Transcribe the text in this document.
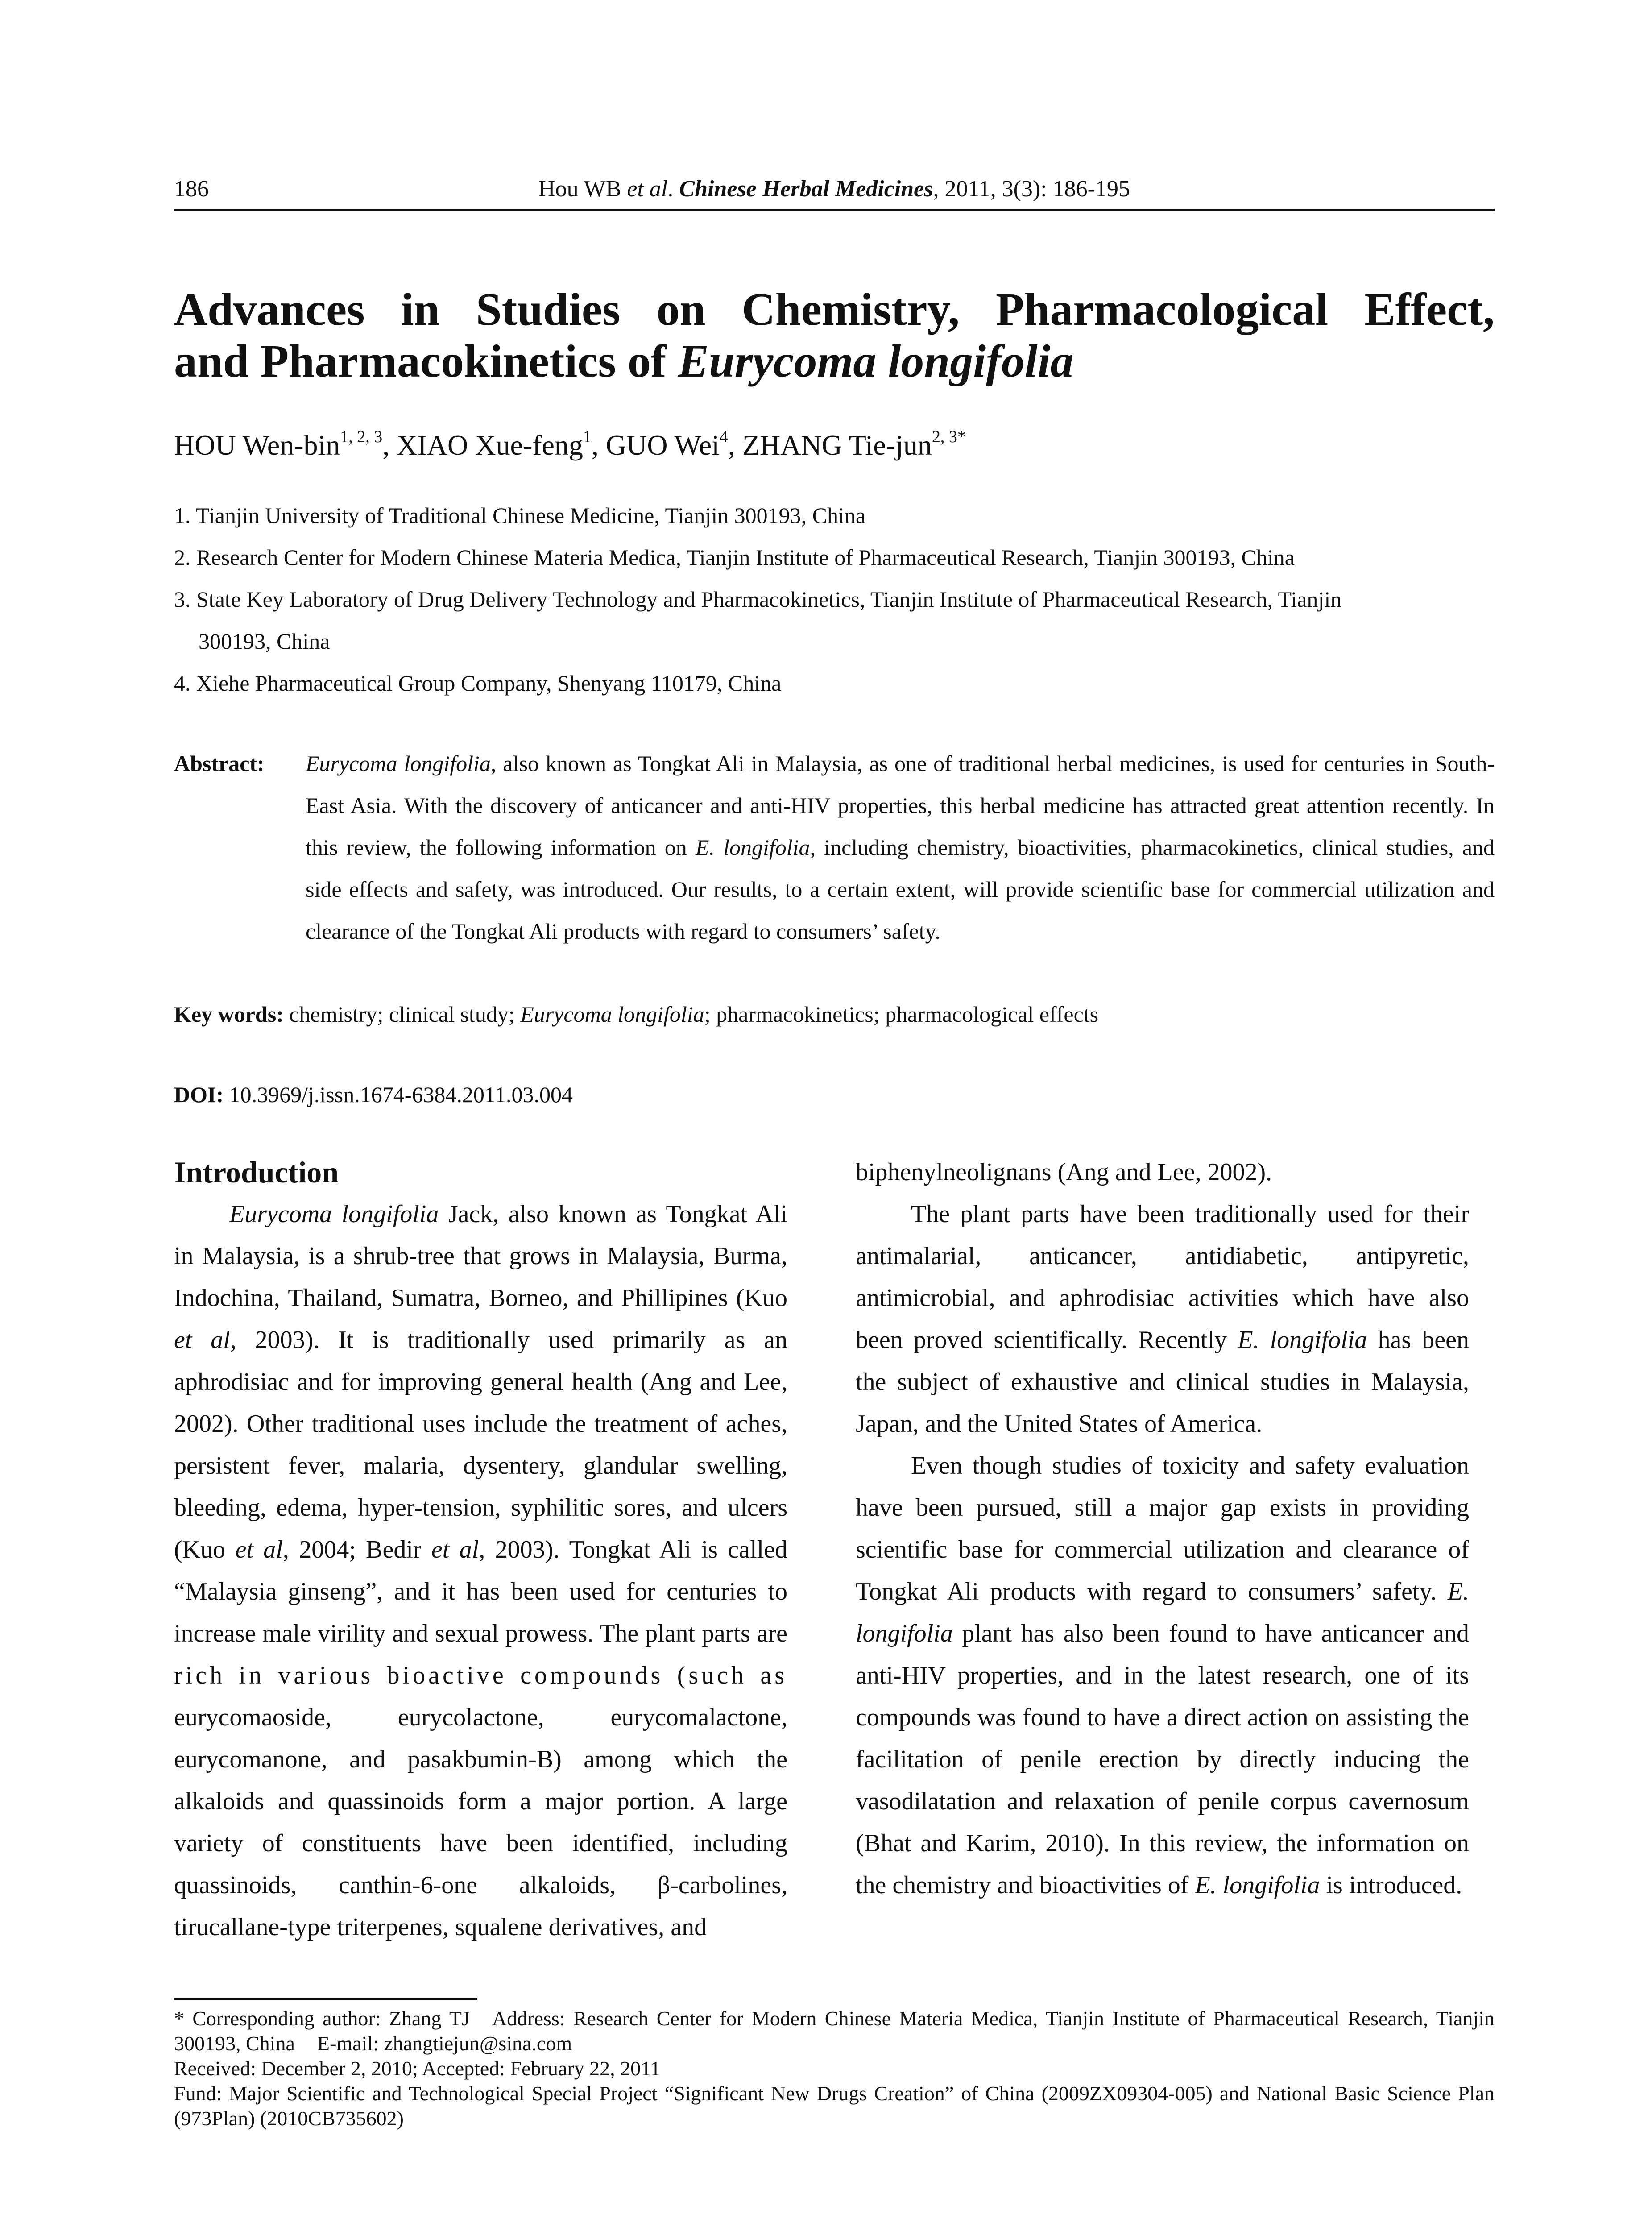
186	Hou WB et al. Chinese Herbal Medicines, 2011, 3(3): 186-195
Advances in Studies on Chemistry, Pharmacological Effect,
and Pharmacokinetics of Eurycoma longifolia
HOU Wen-bin$^{1, 2, 3}$, XIAO Xue-feng$^1$, GUO Wei$^4$, ZHANG Tie-jun$^{2, 3*}$
1. Tianjin University of Traditional Chinese Medicine, Tianjin 300193, China
2. Research Center for Modern Chinese Materia Medica, Tianjin Institute of Pharmaceutical Research, Tianjin 300193, China
3. State Key Laboratory of Drug Delivery Technology and Pharmacokinetics, Tianjin Institute of Pharmaceutical Research, Tianjin
300193, China
4. Xiehe Pharmaceutical Group Company, Shenyang 110179, China
Abstract: Eurycoma longifolia, also known as Tongkat Ali in Malaysia, as one of traditional herbal medicines, is used for centuries in South-East Asia. With the discovery of anticancer and anti-HIV properties, this herbal medicine has attracted great attention recently. In this review, the following information on E. longifolia, including chemistry, bioactivities, pharmacokinetics, clinical studies, and side effects and safety, was introduced. Our results, to a certain extent, will provide scientific base for commercial utilization and clearance of the Tongkat Ali products with regard to consumers’ safety.
Key words: chemistry; clinical study; Eurycoma longifolia; pharmacokinetics; pharmacological effects
DOI: 10.3969/j.issn.1674-6384.2011.03.004
Introduction

Eurycoma longifolia Jack, also known as Tongkat Ali in Malaysia, is a shrub-tree that grows in Malaysia, Burma, Indochina, Thailand, Sumatra, Borneo, and Phillipines (Kuo et al, 2003). It is traditionally used primarily as an aphrodisiac and for improving general health (Ang and Lee, 2002). Other traditional uses include the treatment of aches, persistent fever, malaria, dysentery, glandular swelling, bleeding, edema, hyper-tension, syphilitic sores, and ulcers (Kuo et al, 2004; Bedir et al, 2003). Tongkat Ali is called “Malaysia ginseng”, and it has been used for centuries to increase male virility and sexual prowess. The plant parts are rich in various bioactive compounds (such as eurycomaoside, eurycolactone, eurycomalactone, eurycomanone, and pasakbumin-B) among which the alkaloids and quassinoids form a major portion. A large variety of constituents have been identified, including quassinoids, canthin-6-one alkaloids, β-carbolines, tirucallane-type triterpenes, squalene derivatives, and

biphenylneolignans (Ang and Lee, 2002).

The plant parts have been traditionally used for their antimalarial, anticancer, antidiabetic, antipyretic, antimicrobial, and aphrodisiac activities which have also been proved scientifically. Recently E. longifolia has been the subject of exhaustive and clinical studies in Malaysia, Japan, and the United States of America.

Even though studies of toxicity and safety evaluation have been pursued, still a major gap exists in providing scientific base for commercial utilization and clearance of Tongkat Ali products with regard to consumers’ safety. E. longifolia plant has also been found to have anticancer and anti-HIV properties, and in the latest research, one of its compounds was found to have a direct action on assisting the facilitation of penile erection by directly inducing the vasodilatation and relaxation of penile corpus cavernosum (Bhat and Karim, 2010). In this review, the information on the chemistry and bioactivities of E. longifolia is introduced.

* Corresponding author: Zhang TJ Address: Research Center for Modern Chinese Materia Medica, Tianjin Institute of Pharmaceutical Research, Tianjin 300193, China E-mail: zhangtiejun@sina.com

Received: December 2, 2010; Accepted: February 22, 2011

Fund: Major Scientific and Technological Special Project “Significant New Drugs Creation” of China (2009ZX09304-005) and National Basic Science Plan (973Plan) (2010CB735602)
